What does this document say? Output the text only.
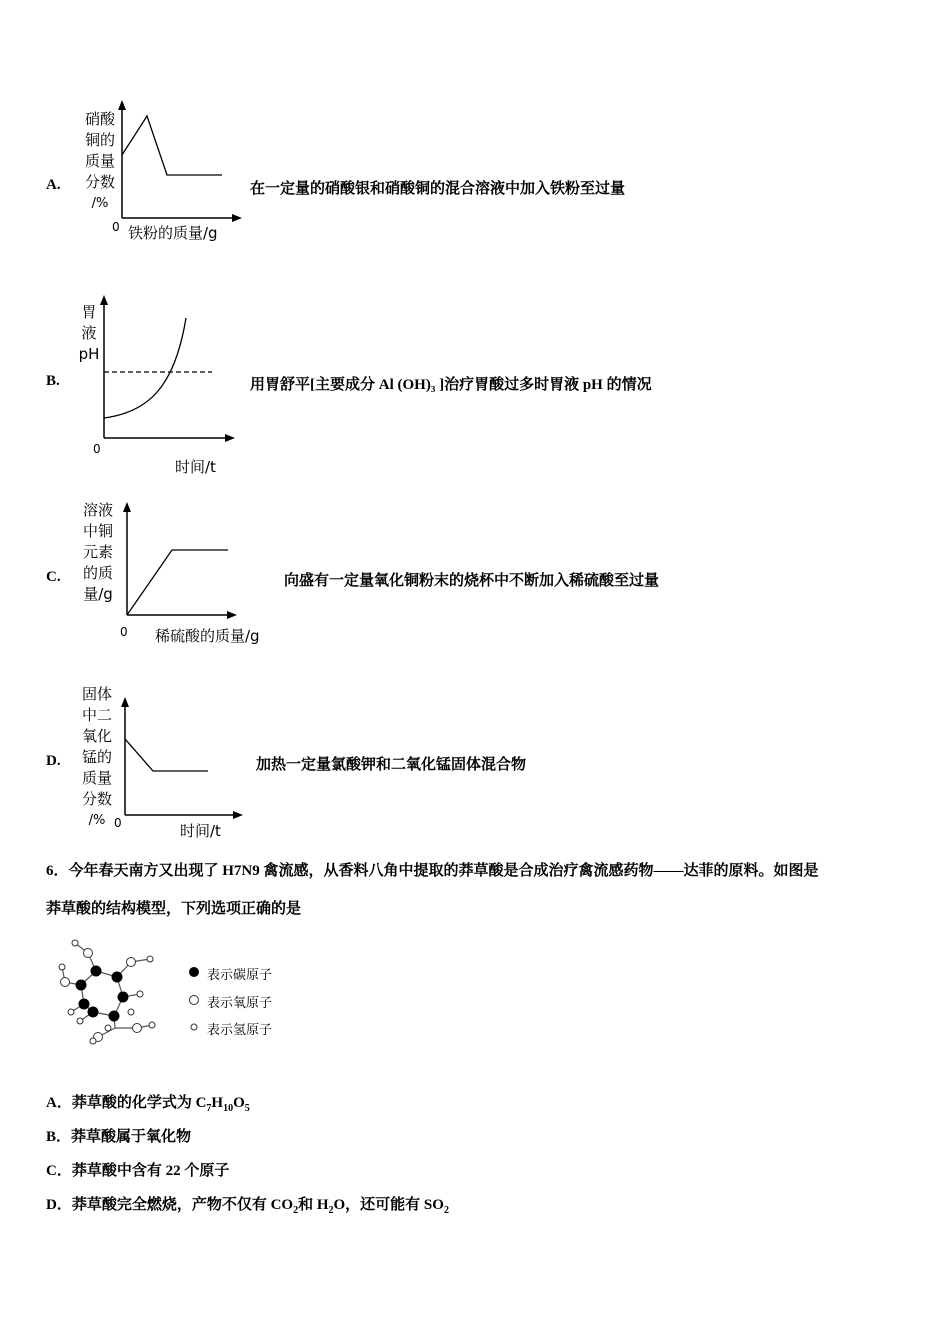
A.
硝酸
铜的
质量
分数
/%
0 铁粉的质量/g
在一定量的硝酸银和硝酸铜的混合溶液中加入铁粉至过量
B.
胃
液
pH
0
时间/t
用胃舒平[主要成分 Al (OH)₃ ]治疗胃酸过多时胃液 pH 的情况
C.
溶液
中铜
元素
的质
量/g
0 稀硫酸的质量/g
向盛有一定量氧化铜粉末的烧杯中不断加入稀硫酸至过量
D.
固体
中二
氧化
锰的
质量
分数
/% 0	时间/t
加热一定量氯酸钾和二氧化锰固体混合物
6．今年春天南方又出现了 H7N9 禽流感，从香料八角中提取的莽草酸是合成治疗禽流感药物——达菲的原料。如图是
莽草酸的结构模型，下列选项正确的是
表示碳原子
表示氧原子
表示氢原子
A．莽草酸的化学式为 $C_7H_{10}O_5$
B．莽草酸属于氧化物
C．莽草酸中含有 22 个原子
D．莽草酸完全燃烧，产物不仅有 $CO_2$和 $H_2O$，还可能有 $SO_2$
